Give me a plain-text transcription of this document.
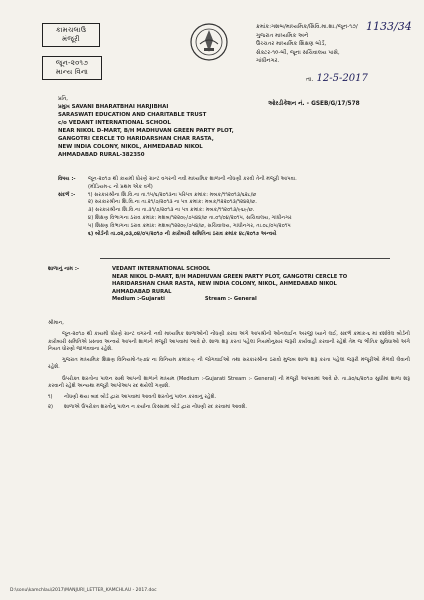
કામચલાઉ મંજૂરી
જૂન-૨૦૧૭ માન્ય વિના
ક્રમાંક:ગશબ/માધ્યમિક/સિવિ.મા.શા./જૂન-૧૭/
ગુજરાત માધ્યમિક અને
ઉચ્ચતર માધ્યમિક શિક્ષણ બોર્ડ,
સેક્ટર-૧૦-બી, જૂના સચિવાલય પાસે,
ગાંધીનગર.
1133/34
તા. 12-5-2017
ઓરડીકેશન નં. - GSEB/G/17/578
પ્રતિ,
પ્રમુખ SAVANI BHARATBHAI HARJIBHAI
SARASWATI EDUCATION AND CHARITABLE TRUST
c/o VEDANT INTERNATIONAL SCHOOL
NEAR NIKOL D-MART, B/H MADHUVAN GREEN PARTY PLOT,
GANGOTRI CERCLE TO HARIDARSHAN CHAR RASTA,
NEW INDIA COLONY, NIKOL, AHMEDABAD NIKOL
AHMADABAD RURAL-382350
વિષય :- જૂન-૨૦૧૭ થી કાયમી ધોરણે ગ્રાન્ટ વગરની નવી માધ્યમિક શાળાની નોંધણી કરવી તેની મંજૂરી આપવા.
(મીડિયમ-૮ નો પ્રથમ એક વર્ગ)
સંદર્ભ :-	૧) સરકારશ્રીના શિ.વિ.ના તા.૧૫/૬/૨૦૧૩ના પરિપત્ર ક્રમાંક: મબક/૧૧૨૦૧૩/૬૨૮/છ
૨) સરકારશ્રીના શિ.વિ.ના તા.૨૧/૭/૨૦૧૩ ના પત્ર ક્રમાંક: મબક/૧૨૨૦૧૩/૧૨૪૨/છ.
૩) સરકારશ્રીના શિ.વિ.ના તા.૩૧/૭/૨૦૧૩ ના પત્ર ક્રમાંક: મબક/૧૧૨૦૧૩/૯૬૯/છ.
૪) શિક્ષણ વિભાગના ઠરાવ ક્રમાંક: મશબ/૧૨૨૦૯/૭૫૪૪/છ તા.૦૧/૦૪/૨૦૧૫, સચિવાલય, ગાંધીનગર
૫) શિક્ષણ વિભાગના ઠરાવ ક્રમાંક: મશબ/૧૨૨૦૯/૭૫૪/છ, સચિવાલય, ગાંધીનગર, તા.૦૮/૦૫/૨૦૧૫
૬) બોર્ડની તા.૦૨,૦૩,૦૪/૦૫/૨૦૧૭ ની કારોબારી સમિતિના ઠરાવ ક્રમાંક ૪૮/૨૦૧૭ અન્વયે
શાળાનું નામ :-	VEDANT INTERNATIONAL SCHOOL
NEAR NIKOL D-MART, B/H MADHUVAN GREEN PARTY PLOT, GANGOTRI CERCLE TO
HARIDARSHAN CHAR RASTA, NEW INDIA COLONY, NIKOL, AHMEDABAD NIKOL
AHMADABAD RURAL
Medium :-Gujarati	Stream :- General
શ્રીમાન,

જૂન-૨૦૧૭ થી કાયમી ધોરણે ગ્રાન્ટ વગરની નવી માધ્યમિક શાળાઓની નોંધણી કરવા અંગે આપશ્રીની ઓનલાઈન અરજી ધ્યાને લઈ, સંદર્ભ ક્રમાંક-૬ માં દર્શાવેલ બોર્ડની કારોબારી સમિતિએ પ્રસ્તાવ અન્વયે આપની શાળાને મંજૂરી આપવામાં આવે છે. શાળા શરૂ કરતાં પહેલાં નિયમોનુસાર જરૂરી કાર્યવાહી કરવાની રહેશે તેમ જ ભૌતિક સુવિધાઓ અંગે નિયત ધોરણો જાળવવાના રહેશે.

ગુજરાત માધ્યમિક શિક્ષણ વિનિયમો-૧૯૭૪ ના વિનિયમ ક્રમાંક-૯ ની જોગવાઈઓ તથા સરકારશ્રીના ઠરાવો મુજબ શાળા શરૂ કરતા પહેલાં જરૂરી મંજૂરીઓ મેળવી લેવાની રહેશે.

ઉપરોક્ત શરતોના પાલન સાથે આપની શાળાને માધ્યમ (Medium :-Gujarati Stream :- General) ની મંજૂરી આપવામાં આવે છે. તા.૩૦/૬/૨૦૧૭ સુધીમાં શાળા શરૂ કરવાની રહેશે અન્યથા મંજૂરી આપોઆપ રદ થયેલી ગણાશે.

૧)	નોંધણી થયા બાદ બોર્ડ દ્વારા આપવામાં આવતી શરતોનું પાલન કરવાનું રહેશે.
૨)	શાળાએ ઉપરોક્ત શરતોનું પાલન ન કર્યાના કિસ્સામાં બોર્ડ દ્વારા નોંધણી રદ કરવામાં આવશે.
D:\sonu\kamchlau\2017\MANJURI_LETTER_KAMCHLAU - 2017.doc
